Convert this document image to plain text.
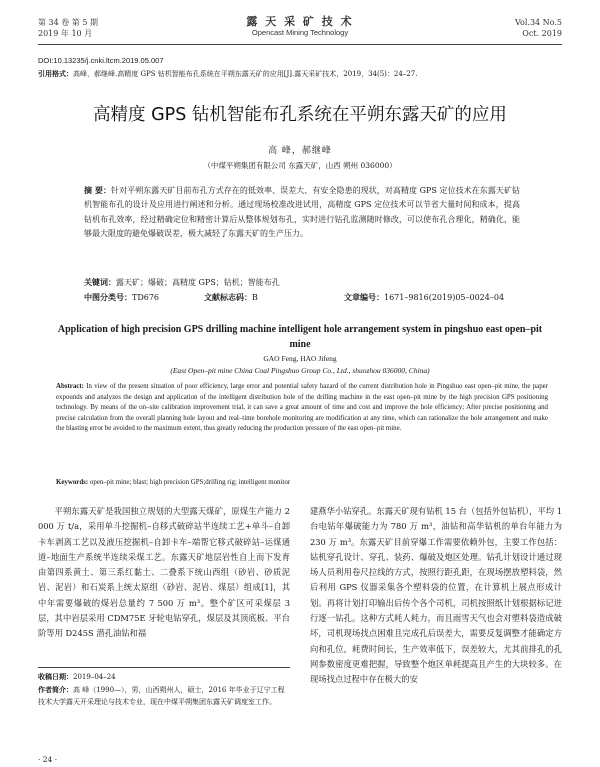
第 34 卷 第 5 期
2019 年 10 月
露 天 采 矿 技 术
Opencast Mining Technology
Vol.34 No.5
Oct. 2019
DOI:10.13235/j.cnki.ltcm.2019.05.007
引用格式：高峰，郝继峰.高精度 GPS 钻机智能布孔系统在平朔东露天矿的应用[J].露天采矿技术，2019，34(5)：24–27.
高精度 GPS 钻机智能布孔系统在平朔东露天矿的应用
高 峰，郝继峰
（中煤平朔集团有限公司 东露天矿，山西 朔州 036000）
摘 要：针对平朔东露天矿目前布孔方式存在的低效率、误差大、有安全隐患的现状，对高精度 GPS 定位技术在东露天矿钻机智能布孔的设计及应用进行阐述和分析。通过现场校准改进试用，高精度 GPS 定位技术可以节省大量时间和成本，提高钻机布孔效率，经过精确定位和精密计算后从整体规划布孔，实时进行钻孔监测随时修改，可以使布孔合理化，精确化，能够最大限度的避免爆破误差，极大减轻了东露天矿的生产压力。
关键词：露天矿；爆破；高精度 GPS；钻机；智能布孔
中图分类号：TD676	文献标志码：B	文章编号：1671–9816(2019)05–0024–04
Application of high precision GPS drilling machine intelligent hole arrangement system in pingshuo east open–pit mine
GAO Feng, HAO Jifeng
(East Open–pit mine China Coal Pingshuo Group Co., Ltd., shuozhou 036000, China)
Abstract: In view of the present situation of poor efficiency, large error and potential safety hazard of the current distribution hole in Pingshuo east open–pit mine, the paper expounds and analyzes the design and application of the intelligent distribution hole of the drilling machine in the east open–pit mine by the high precision GPS positioning technology. By means of the on–site calibration improvement trial, it can save a great amount of time and cost and improve the hole efficiency; After precise positioning and precise calculation from the overall planning hole layout and real–time borehole monitoring are modification at any time, which can rationalize the hole arrangement and make the blasting error be avoided to the maximum extent, thus greatly reducing the production pressure of the east open–pit mine.
Keywords: open–pit mine; blast; high precision GPS;drilling rig; intelligent monitor

平朔东露天矿是我国独立规划的大型露天煤矿，原煤生产能力 2 000 万 t/a，采用单斗挖掘机–自移式破碎站半连续工艺+单斗–自卸卡车剥离工艺以及液压挖掘机–自卸卡车–端帮它移式破碎站–运煤通道–地面生产系统半连续采煤工艺。东露天矿地层岩性自上而下发育由第四系黄土、第三系红黏土、二叠系下统山西组（砂岩、砂质泥岩、泥岩）和石炭系上统太原组（砂岩、泥岩、煤层）组成[1]，其中年需要爆破的煤岩总量约 7 500 万 m³。整个矿区可采煤层 3 层，其中岩层采用 CDM75E 牙轮电钻穿孔，煤层及其顶底板、平台阶等用 D245S 潜孔油钻和福

建燕华小钻穿孔。东露天矿现有钻机 15 台（包括外包钻机），平均 1 台电钻年爆破能力为 780 万 m³，油钻和高华钻机的单台年能力为 230 万 m³。东露天矿目前穿爆工作需要依赖外包，主要工作包括：钻机穿孔设计、穿孔、装药、爆破及炮区处理。钻孔计划设计通过现场人员利用卷尺拉线的方式，按照行距孔距，在现场摆放塑料袋，然后利用 GPS 仪器采集各个塑料袋的位置，在计算机上展点形成计划。再将计划打印输出后传个各个司机，司机按照纸计划根据标记进行逐一钻孔。这种方式耗人耗力，而且雨雪天气也会对塑料袋造成破坏，司机现场找点困难且完成孔后误差大，需要反复调整才能确定方向和孔位，耗费时间长，生产效率低下，误差较大，尤其前排孔的孔网参数密度更难把握，导致整个炮区单耗提高且产生的大块较多。在现场找点过程中存在极大的安

收稿日期：2019–04–24
作者简介：高 峰（1990—），男，山西朔州人，硕士，2016 年毕业于辽宁工程技术大学露天开采理论与技术专业，现在中煤平朔集团东露天矿调度室工作。
· 24 ·
